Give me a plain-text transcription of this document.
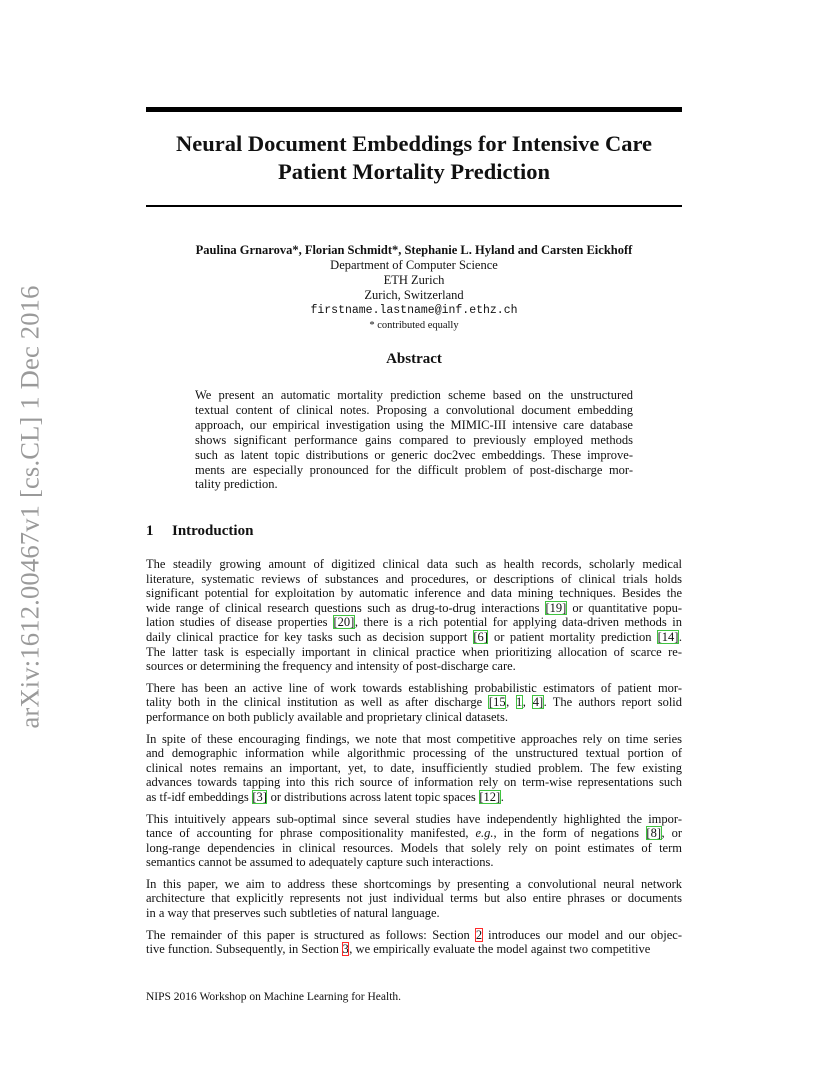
Neural Document Embeddings for Intensive Care
Patient Mortality Prediction
arXiv:1612.00467v1 [cs.CL] 1 Dec 2016
Paulina Grnarova*, Florian Schmidt*, Stephanie L. Hyland and Carsten Eickhoff
Department of Computer Science
ETH Zurich
Zurich, Switzerland
firstname.lastname@inf.ethz.ch
* contributed equally
Abstract
We present an automatic mortality prediction scheme based on the unstructured
textual content of clinical notes. Proposing a convolutional document embedding
approach, our empirical investigation using the MIMIC-III intensive care database
shows significant performance gains compared to previously employed methods
such as latent topic distributions or generic doc2vec embeddings. These improve-
ments are especially pronounced for the difficult problem of post-discharge mor-
tality prediction.
1 Introduction
The steadily growing amount of digitized clinical data such as health records, scholarly medical
literature, systematic reviews of substances and procedures, or descriptions of clinical trials holds
significant potential for exploitation by automatic inference and data mining techniques. Besides the
wide range of clinical research questions such as drug-to-drug interactions [19] or quantitative popu-
lation studies of disease properties [20], there is a rich potential for applying data-driven methods in
daily clinical practice for key tasks such as decision support [6] or patient mortality prediction [14].
The latter task is especially important in clinical practice when prioritizing allocation of scarce re-
sources or determining the frequency and intensity of post-discharge care.
There has been an active line of work towards establishing probabilistic estimators of patient mor-
tality both in the clinical institution as well as after discharge [15, 1, 4]. The authors report solid
performance on both publicly available and proprietary clinical datasets.
In spite of these encouraging findings, we note that most competitive approaches rely on time series
and demographic information while algorithmic processing of the unstructured textual portion of
clinical notes remains an important, yet, to date, insufficiently studied problem. The few existing
advances towards tapping into this rich source of information rely on term-wise representations such
as tf-idf embeddings [3] or distributions across latent topic spaces [12].
This intuitively appears sub-optimal since several studies have independently highlighted the impor-
tance of accounting for phrase compositionality manifested, e.g., in the form of negations [8], or
long-range dependencies in clinical resources. Models that solely rely on point estimates of term
semantics cannot be assumed to adequately capture such interactions.
In this paper, we aim to address these shortcomings by presenting a convolutional neural network
architecture that explicitly represents not just individual terms but also entire phrases or documents
in a way that preserves such subtleties of natural language.
The remainder of this paper is structured as follows: Section 2 introduces our model and our objec-
tive function. Subsequently, in Section 3, we empirically evaluate the model against two competitive
NIPS 2016 Workshop on Machine Learning for Health.
